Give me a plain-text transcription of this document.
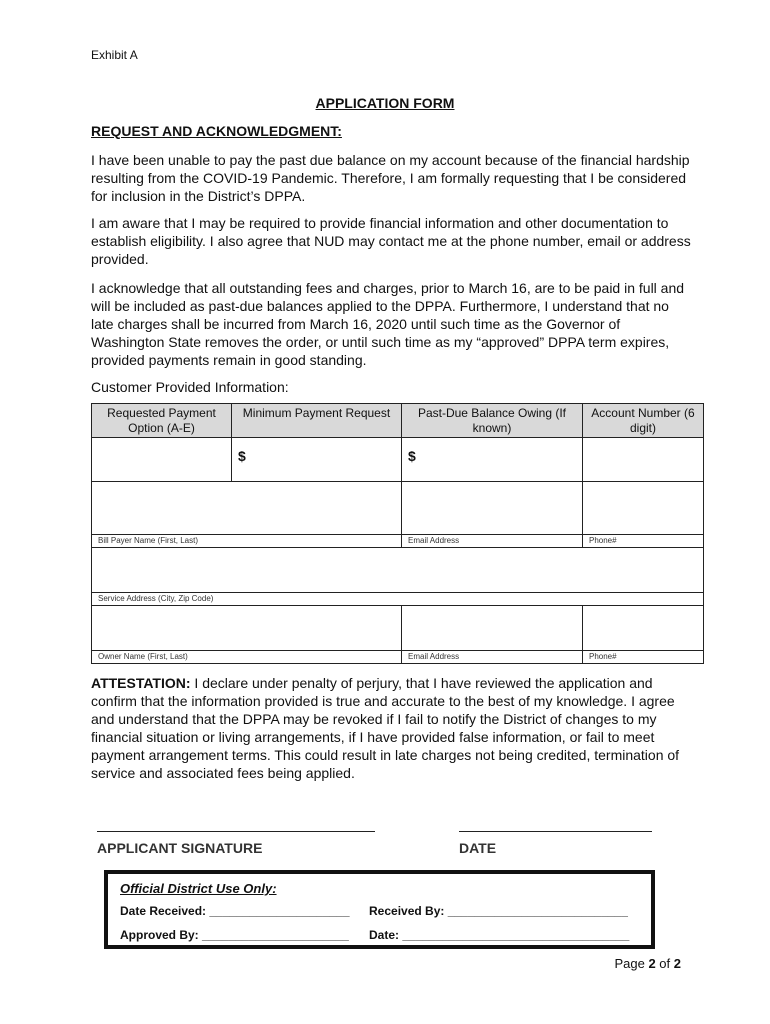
Exhibit A
APPLICATION FORM
REQUEST AND ACKNOWLEDGMENT:
I have been unable to pay the past due balance on my account because of the financial hardship resulting from the COVID-19 Pandemic. Therefore, I am formally requesting that I be considered for inclusion in the District’s DPPA.
I am aware that I may be required to provide financial information and other documentation to establish eligibility. I also agree that NUD may contact me at the phone number, email or address provided.
I acknowledge that all outstanding fees and charges, prior to March 16, are to be paid in full and will be included as past-due balances applied to the DPPA. Furthermore, I understand that no late charges shall be incurred from March 16, 2020 until such time as the Governor of Washington State removes the order, or until such time as my “approved” DPPA term expires, provided payments remain in good standing.
Customer Provided Information:
Requested Payment Option (A-E)	Minimum Payment Request	Past-Due Balance Owing (If known)	Account Number (6 digit)
	$	$	

Bill Payer Name (First, Last)		Email Address	Phone#

Service Address (City, Zip Code)			

Owner Name (First, Last)		Email Address	Phone#
ATTESTATION: I declare under penalty of perjury, that I have reviewed the application and confirm that the information provided is true and accurate to the best of my knowledge. I agree and understand that the DPPA may be revoked if I fail to notify the District of changes to my financial situation or living arrangements, if I have provided false information, or fail to meet payment arrangement terms. This could result in late charges not being credited, termination of service and associated fees being applied.
APPLICANT SIGNATURE	DATE
Official District Use Only:
Date Received: _____________________ Received By: ___________________________
Approved By: ______________________ Date: __________________________________
Page 2 of 2
